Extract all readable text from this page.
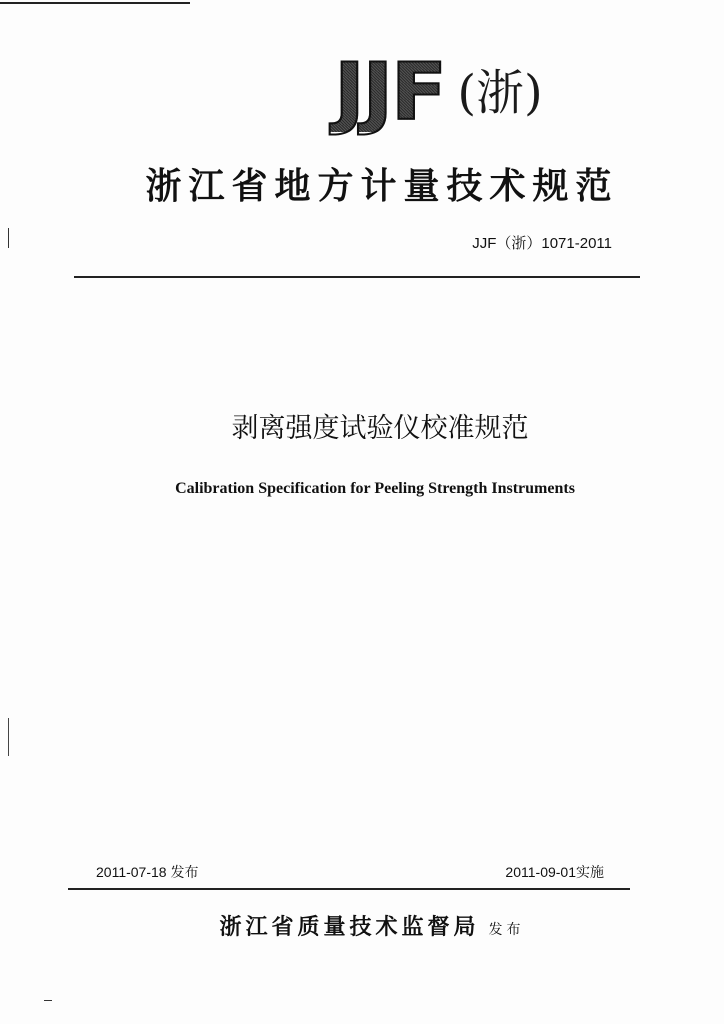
JJF (浙)
浙江省地方计量技术规范
JJF（浙）1071-2011
剥离强度试验仪校准规范
Calibration Specification for Peeling Strength Instruments
2011-07-18 发布	2011-09-01实施
浙江省质量技术监督局 发布
